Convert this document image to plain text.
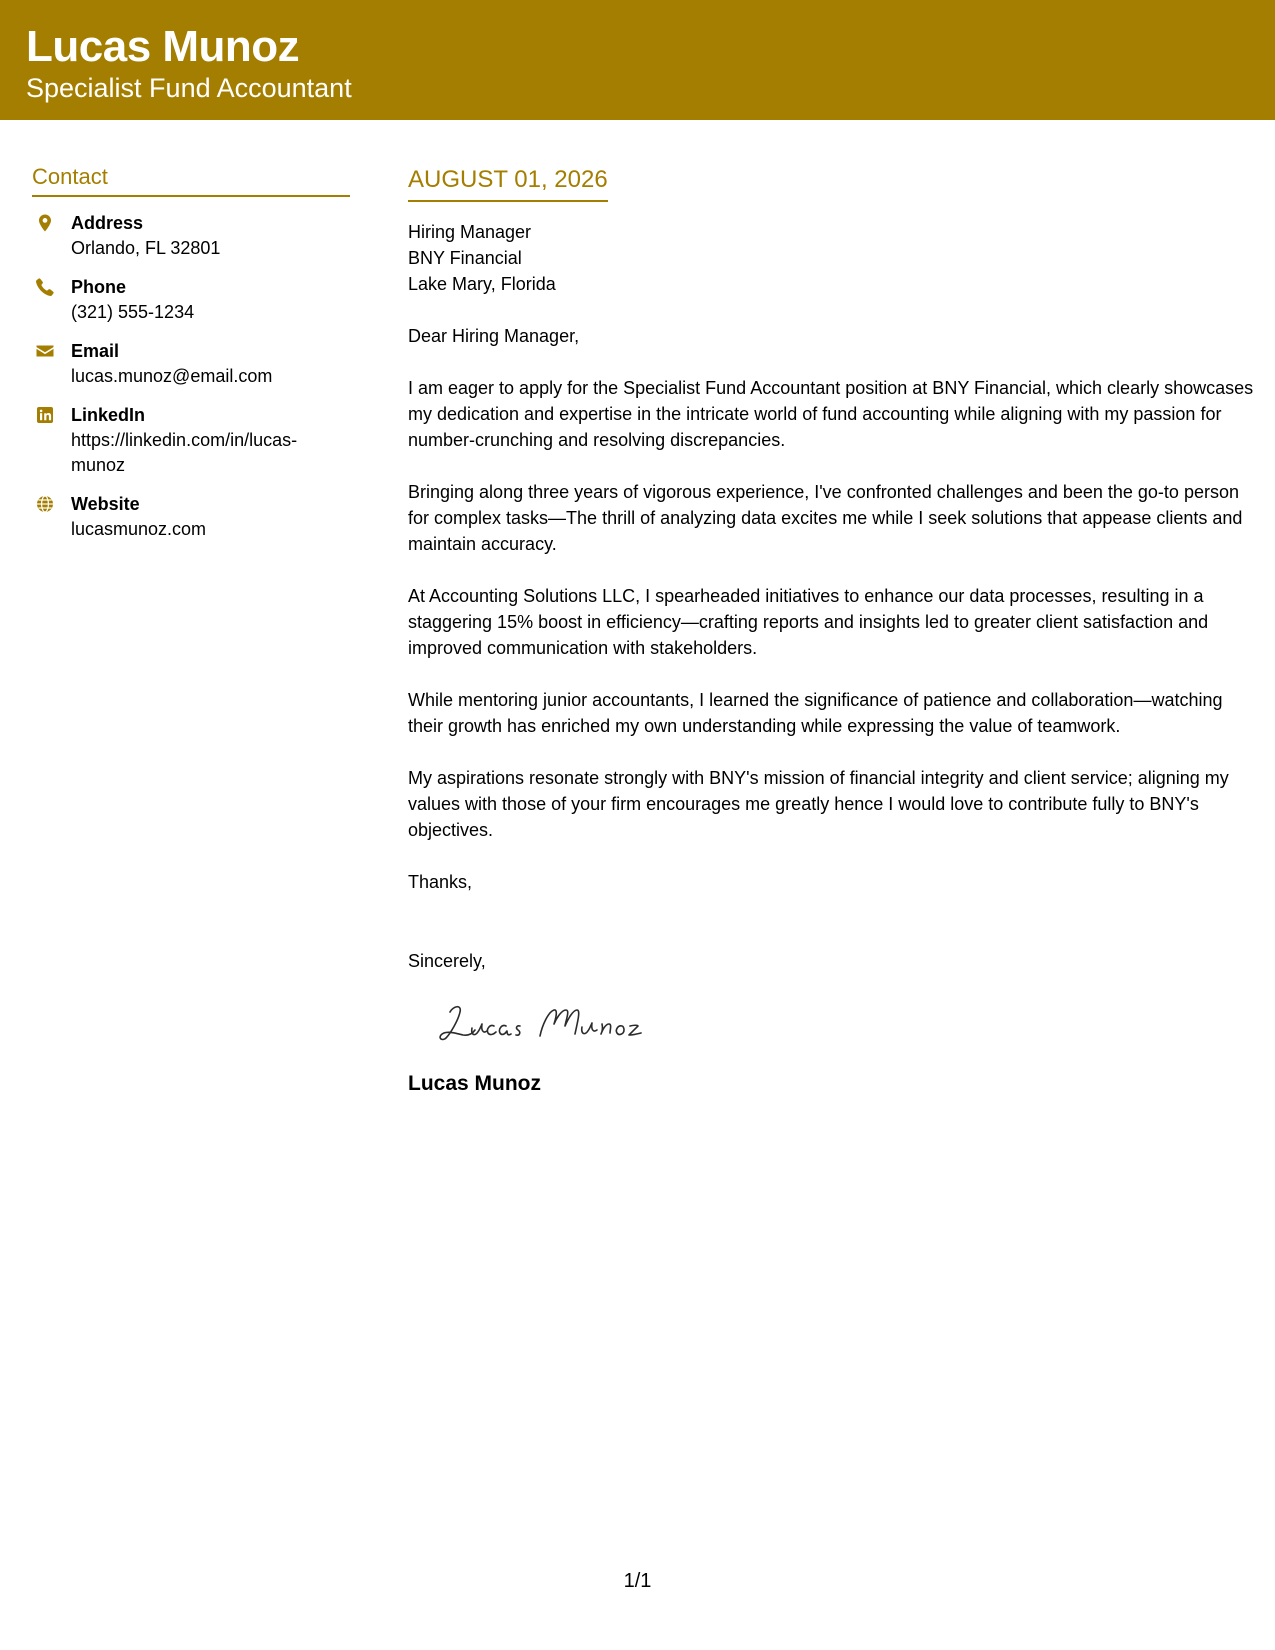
Lucas Munoz
Specialist Fund Accountant
Contact
Address
Orlando, FL 32801
Phone
(321) 555-1234
Email
lucas.munoz@email.com
LinkedIn
https://linkedin.com/in/lucas-munoz
Website
lucasmunoz.com
AUGUST 01, 2026
Hiring Manager
BNY Financial
Lake Mary, Florida

Dear Hiring Manager,

I am eager to apply for the Specialist Fund Accountant position at BNY Financial, which clearly showcases my dedication and expertise in the intricate world of fund accounting while aligning with my passion for number-crunching and resolving discrepancies.

Bringing along three years of vigorous experience, I've confronted challenges and been the go-to person for complex tasks—The thrill of analyzing data excites me while I seek solutions that appease clients and maintain accuracy.

At Accounting Solutions LLC, I spearheaded initiatives to enhance our data processes, resulting in a staggering 15% boost in efficiency—crafting reports and insights led to greater client satisfaction and improved communication with stakeholders.

While mentoring junior accountants, I learned the significance of patience and collaboration—watching their growth has enriched my own understanding while expressing the value of teamwork.

My aspirations resonate strongly with BNY's mission of financial integrity and client service; aligning my values with those of your firm encourages me greatly hence I would love to contribute fully to BNY's objectives.

Thanks,

Sincerely,

Lucas Munoz
1/1
